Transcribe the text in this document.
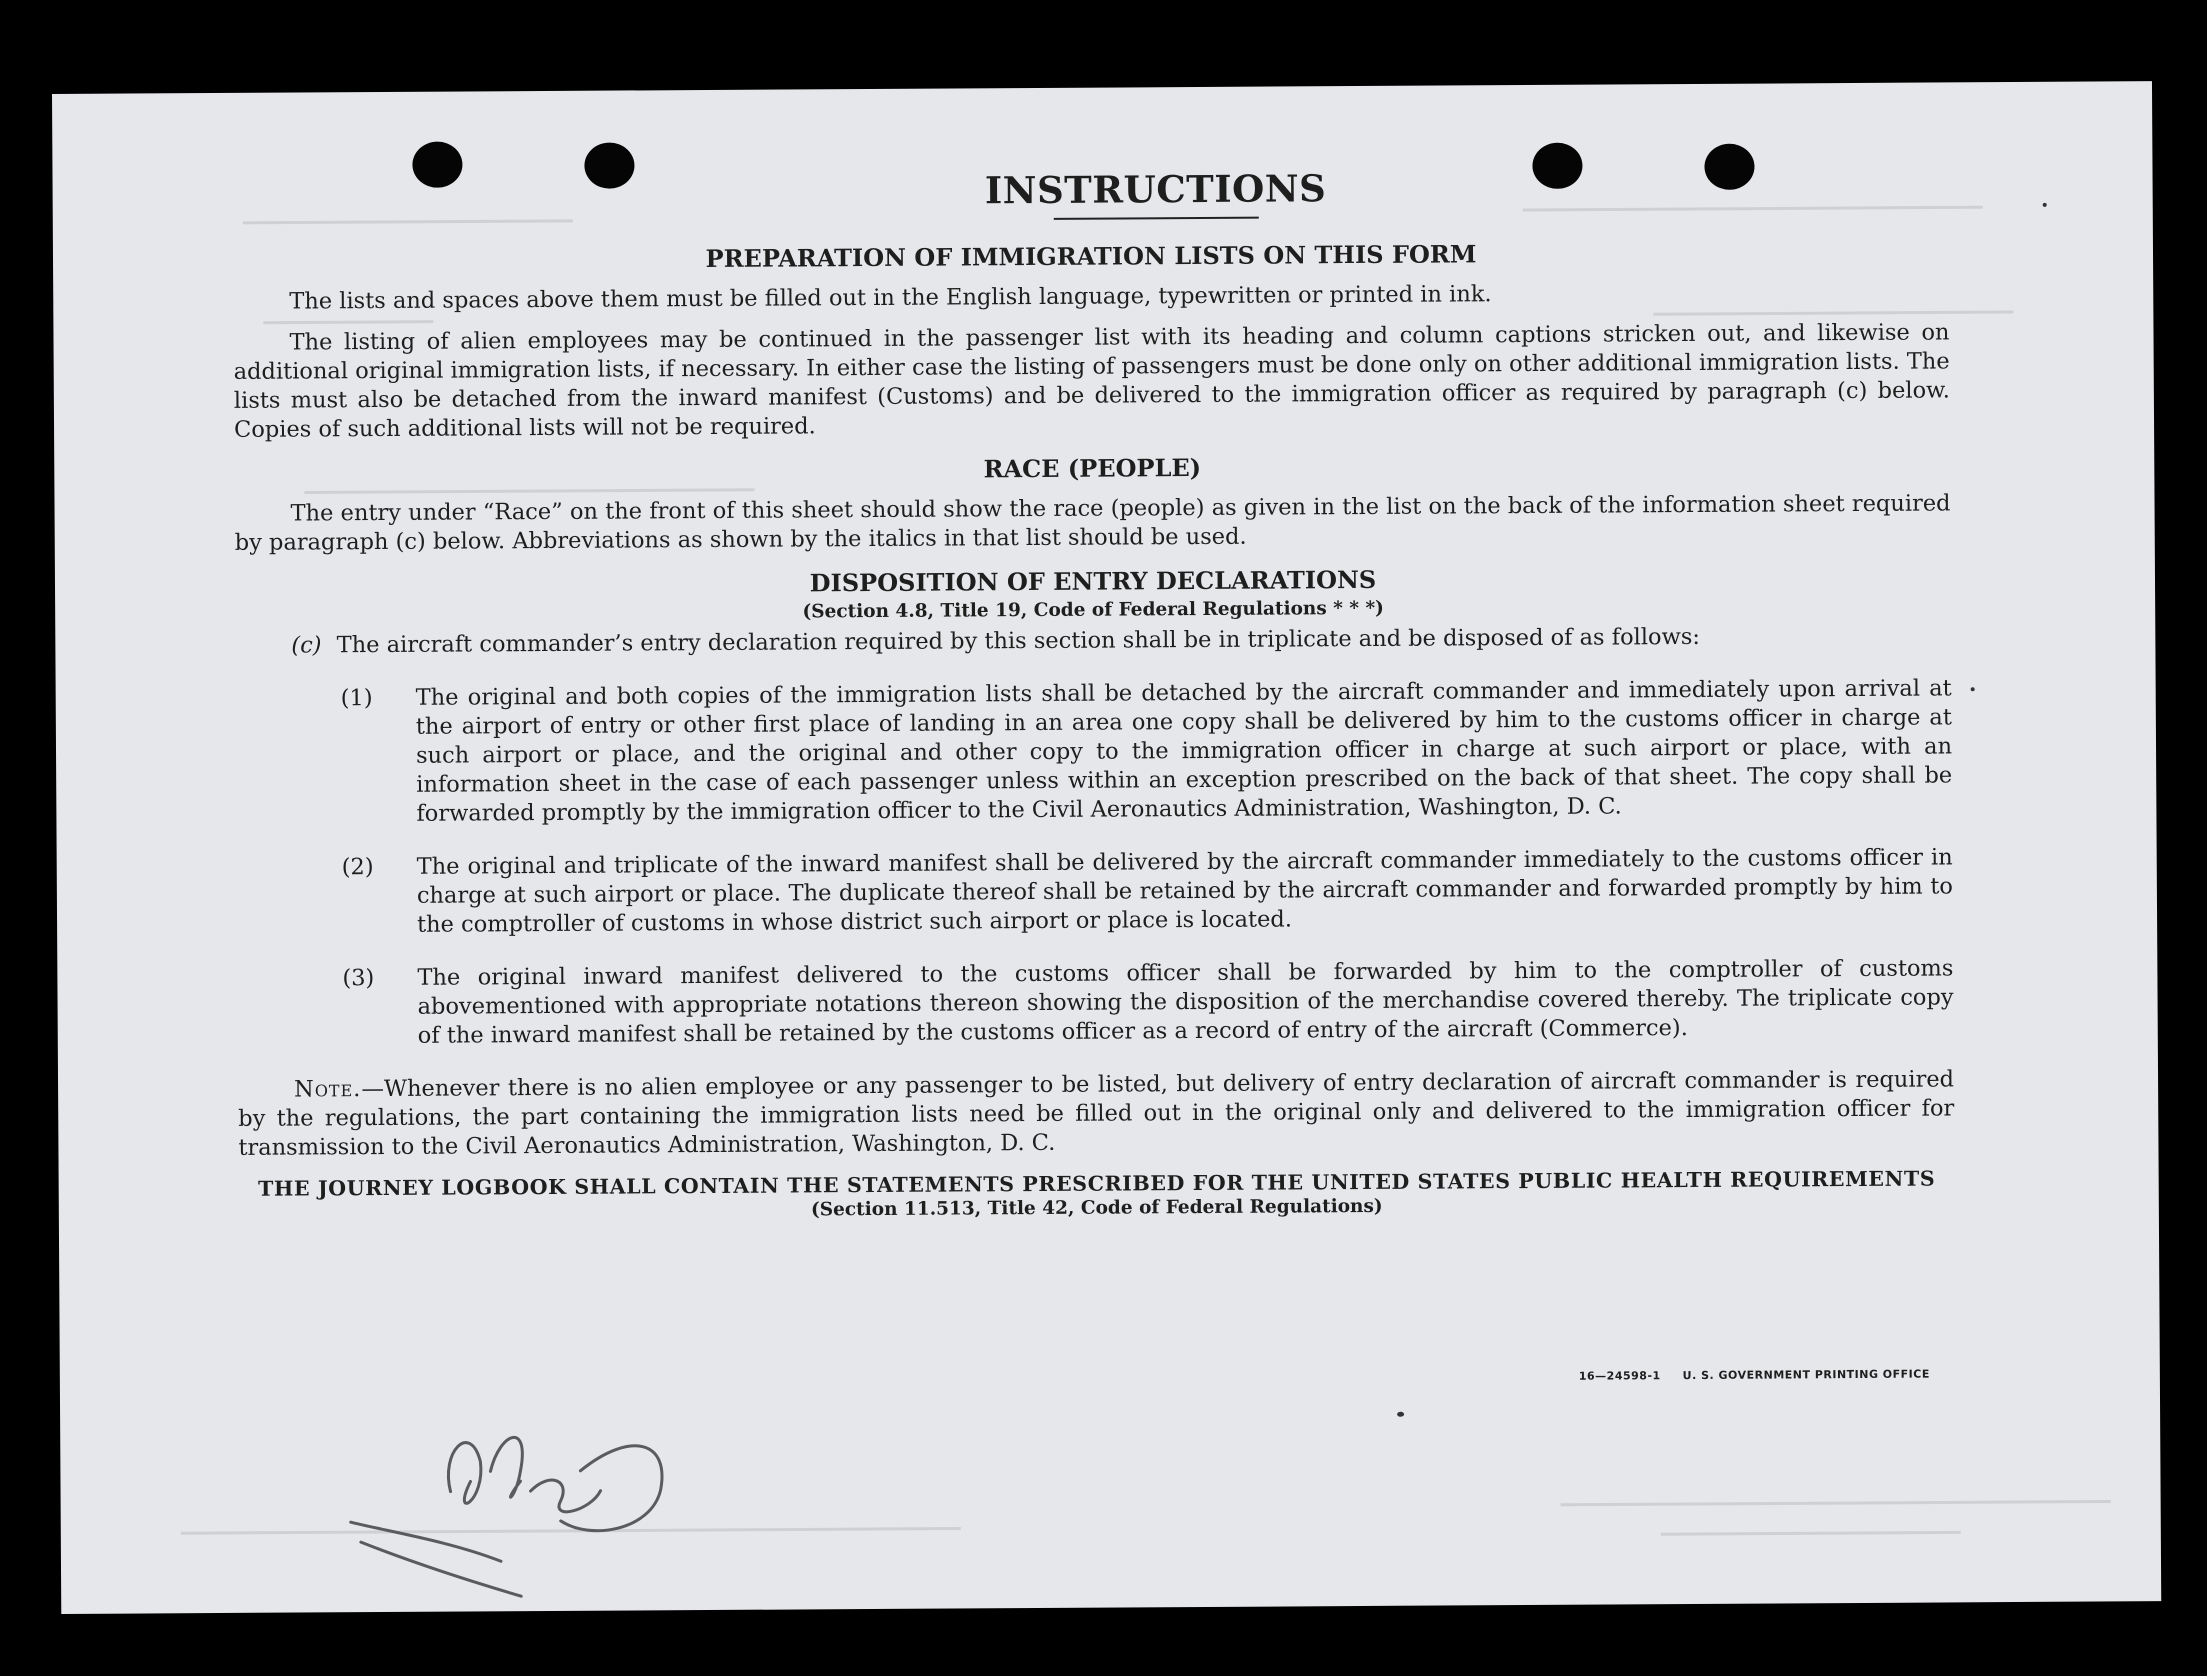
INSTRUCTIONS
PREPARATION OF IMMIGRATION LISTS ON THIS FORM

The lists and spaces above them must be filled out in the English language, typewritten or printed in ink.

The listing of alien employees may be continued in the passenger list with its heading and column captions stricken out, and likewise on additional original immigration lists, if necessary. In either case the listing of passengers must be done only on other additional immigration lists. The lists must also be detached from the inward manifest (Customs) and be delivered to the immigration officer as required by paragraph (c) below. Copies of such additional lists will not be required.

RACE (PEOPLE)

The entry under “Race” on the front of this sheet should show the race (people) as given in the list on the back of the information sheet required by paragraph (c) below. Abbreviations as shown by the italics in that list should be used.

DISPOSITION OF ENTRY DECLARATIONS
(Section 4.8, Title 19, Code of Federal Regulations * * *)
(c) The aircraft commander’s entry declaration required by this section shall be in triplicate and be disposed of as follows:
(1) The original and both copies of the immigration lists shall be detached by the aircraft commander and immediately upon arrival at the airport of entry or other first place of landing in an area one copy shall be delivered by him to the customs officer in charge at such airport or place, and the original and other copy to the immigration officer in charge at such airport or place, with an information sheet in the case of each passenger unless within an exception prescribed on the back of that sheet. The copy shall be forwarded promptly by the immigration officer to the Civil Aeronautics Administration, Washington, D. C.
(2) The original and triplicate of the inward manifest shall be delivered by the aircraft commander immediately to the customs officer in charge at such airport or place. The duplicate thereof shall be retained by the aircraft commander and forwarded promptly by him to the comptroller of customs in whose district such airport or place is located.
(3) The original inward manifest delivered to the customs officer shall be forwarded by him to the comptroller of customs abovementioned with appropriate notations thereon showing the disposition of the merchandise covered thereby. The triplicate copy of the inward manifest shall be retained by the customs officer as a record of entry of the aircraft (Commerce).

Note.—Whenever there is no alien employee or any passenger to be listed, but delivery of entry declaration of aircraft commander is required by the regulations, the part containing the immigration lists need be filled out in the original only and delivered to the immigration officer for transmission to the Civil Aeronautics Administration, Washington, D. C.

THE JOURNEY LOGBOOK SHALL CONTAIN THE STATEMENTS PRESCRIBED FOR THE UNITED STATES PUBLIC HEALTH REQUIREMENTS
(Section 11.513, Title 42, Code of Federal Regulations)
16—24598-1 U. S. GOVERNMENT PRINTING OFFICE
